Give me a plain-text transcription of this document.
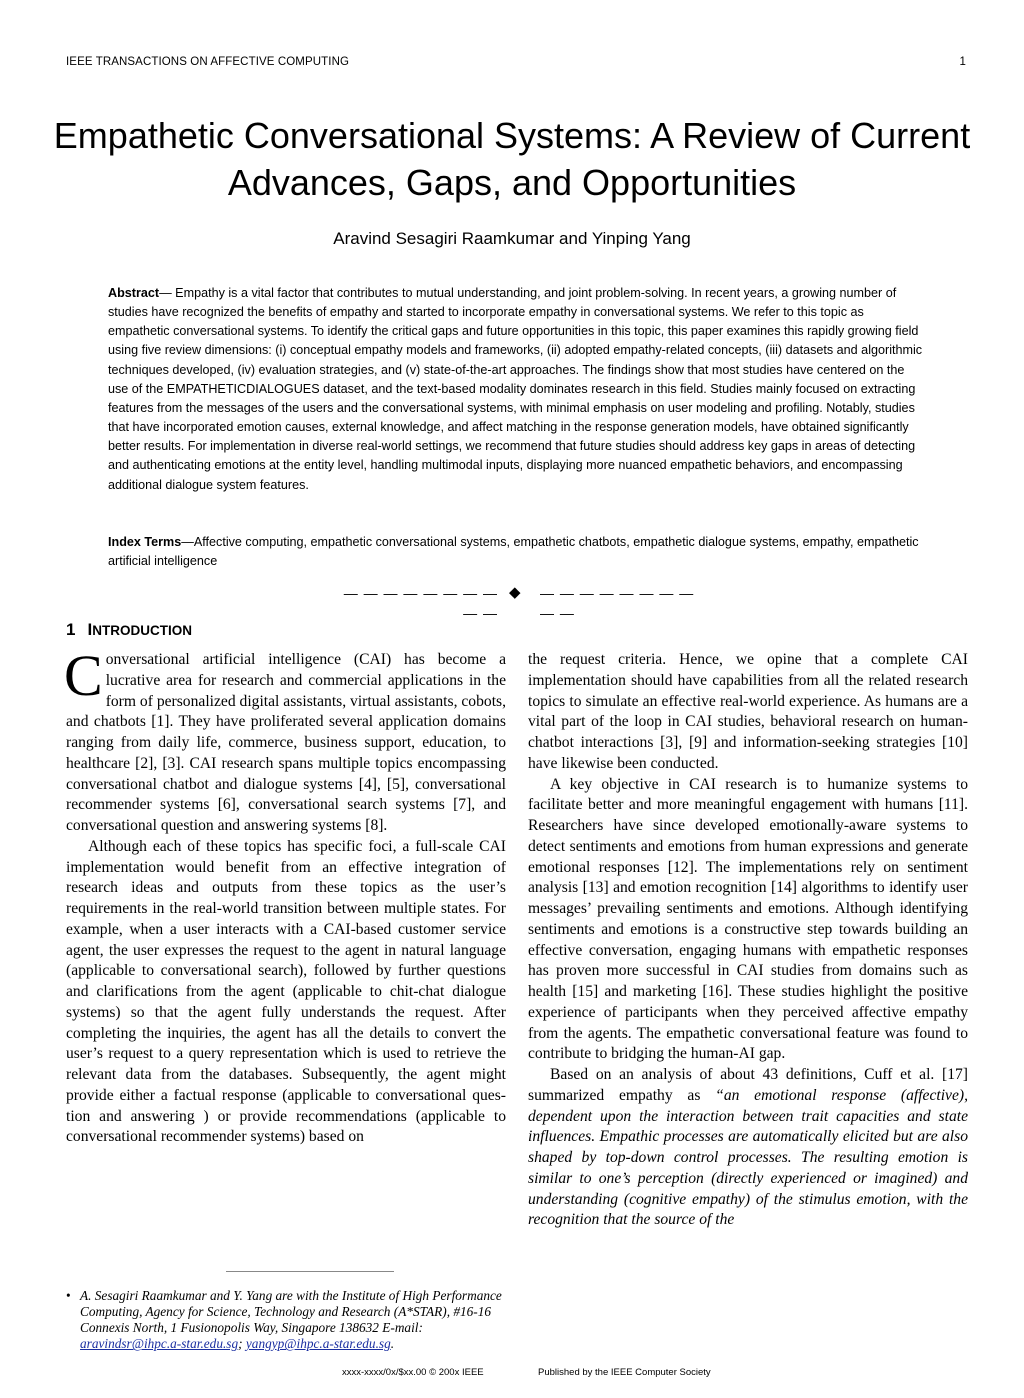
IEEE TRANSACTIONS ON AFFECTIVE COMPUTING	1
Empathetic Conversational Systems: A Review of Current Advances, Gaps, and Opportunities
Aravind Sesagiri Raamkumar and Yinping Yang
Abstract— Empathy is a vital factor that contributes to mutual understanding, and joint problem-solving. In recent years, a growing number of studies have recognized the benefits of empathy and started to incorporate empathy in conversational systems. We refer to this topic as empathetic conversational systems. To identify the critical gaps and future opportunities in this topic, this paper examines this rapidly growing field using five review dimensions: (i) conceptual empathy models and frameworks, (ii) adopted empathy-related concepts, (iii) datasets and algorithmic techniques developed, (iv) evaluation strategies, and (v) state-of-the-art approaches. The findings show that most studies have centered on the use of the EMPATHETICDIALOGUES dataset, and the text-based modality dominates research in this field. Studies mainly focused on extracting features from the messages of the users and the conversational systems, with minimal emphasis on user modeling and profiling. Notably, studies that have incorporated emotion causes, external knowledge, and affect matching in the response generation models, have obtained significantly better results. For implementation in diverse real-world settings, we recommend that future studies should address key gaps in areas of detecting and authenticating emotions at the entity level, handling multimodal inputs, displaying more nuanced empathetic behaviors, and encompassing additional dialogue system features.
Index Terms—Affective computing, empathetic conversational systems, empathetic chatbots, empathetic dialogue systems, empathy, empathetic artificial intelligence
— — — — — — — — — —
◆ — — — — — — — — — —
1 INTRODUCTION

Conversational artificial intelligence (CAI) has become a lucrative area for research and commercial applications in the form of personalized digital assistants, virtual assistants, cobots, and chatbots [1]. They have proliferated several application domains ranging from daily life, commerce, business support, education, to healthcare [2], [3]. CAI research spans multiple topics encompassing conversational chatbot and dialogue systems [4], [5], conversational recommender systems [6], conversational search systems [7], and conversational question and answering systems [8].

Although each of these topics has specific foci, a full-scale CAI implementation would benefit from an effective integration of research ideas and outputs from these topics as the user’s requirements in the real-world transition between multiple states. For example, when a user interacts with a CAI-based customer service agent, the user expresses the request to the agent in natural language (applicable to conversational search), followed by further questions and clarifications from the agent (applicable to chit-chat dialogue systems) so that the agent fully understands the request. After completing the inquiries, the agent has all the details to convert the user’s request to a query representation which is used to retrieve the relevant data from the databases. Subsequently, the agent might provide either a factual response (applicable to conversational question and answering ) or provide recommendations (applicable to conversational recommender systems) based on

the request criteria. Hence, we opine that a complete CAI implementation should have capabilities from all the related research topics to simulate an effective real-world experience. As humans are a vital part of the loop in CAI studies, behavioral research on human-chatbot interactions [3], [9] and information-seeking strategies [10] have likewise been conducted.

A key objective in CAI research is to humanize systems to facilitate better and more meaningful engagement with humans [11]. Researchers have since developed emotionally-aware systems to detect sentiments and emotions from human expressions and generate emotional responses [12]. The implementations rely on sentiment analysis [13] and emotion recognition [14] algorithms to identify user messages’ prevailing sentiments and emotions. Although identifying sentiments and emotions is a constructive step towards building an effective conversation, engaging humans with empathetic responses has proven more successful in CAI studies from domains such as health [15] and marketing [16]. These studies highlight the positive experience of participants when they perceived affective empathy from the agents. The empathetic conversational feature was found to contribute to bridging the human-AI gap.

Based on an analysis of about 43 definitions, Cuff et al. [17] summarized empathy as “an emotional response (affective), dependent upon the interaction between trait capacities and state influences. Empathic processes are automatically elicited but are also shaped by top-down control processes. The resulting emotion is similar to one’s perception (directly experienced or imagined) and understanding (cognitive empathy) of the stimulus emotion, with the recognition that the source of the

• A. Sesagiri Raamkumar and Y. Yang are with the Institute of High Performance Computing, Agency for Science, Technology and Research (A*STAR), #16-16 Connexis North, 1 Fusionopolis Way, Singapore 138632 E-mail: aravindsr@ihpc.a-star.edu.sg; yangyp@ihpc.a-star.edu.sg.
xxxx-xxxx/0x/$xx.00 © 200x IEEE	Published by the IEEE Computer Society
